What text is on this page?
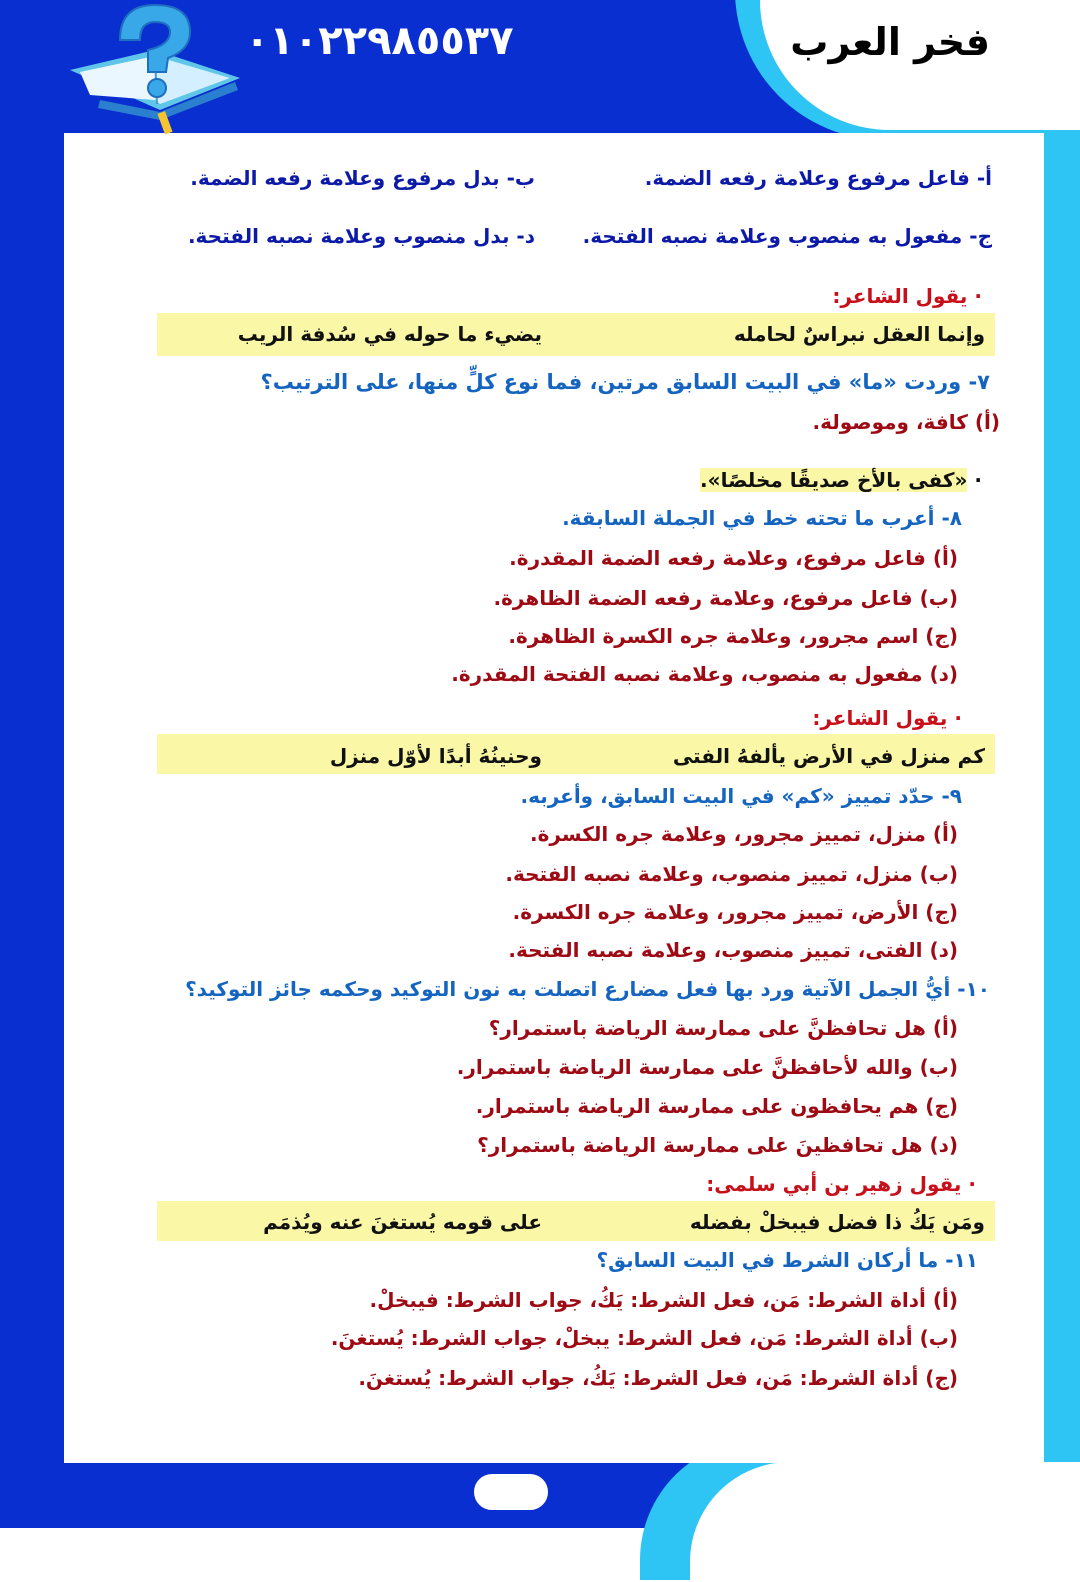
فخر العرب
٠١٠٢٢٩٨٥٥٣٧
أ- فاعل مرفوع وعلامة رفعه الضمة.
ب- بدل مرفوع وعلامة رفعه الضمة.
ج- مفعول به منصوب وعلامة نصبه الفتحة.
د- بدل منصوب وعلامة نصبه الفتحة.
· يقول الشاعر:
وإنما العقل نبراسٌ لحامله
يضيء ما حوله في سُدفة الريب
٧- وردت «ما» في البيت السابق مرتين، فما نوع كلٍّ منها، على الترتيب؟
(أ) كافة، وموصولة.
· «كفى بالأخ صديقًا مخلصًا».
٨- أعرب ما تحته خط في الجملة السابقة.
(أ) فاعل مرفوع، وعلامة رفعه الضمة المقدرة.
(ب) فاعل مرفوع، وعلامة رفعه الضمة الظاهرة.
(ج) اسم مجرور، وعلامة جره الكسرة الظاهرة.
(د) مفعول به منصوب، وعلامة نصبه الفتحة المقدرة.
· يقول الشاعر:
كم منزل في الأرض يألفهُ الفتى
وحنينُهُ أبدًا لأوّل منزل
٩- حدّد تمييز «كم» في البيت السابق، وأعربه.
(أ) منزل، تمييز مجرور، وعلامة جره الكسرة.
(ب) منزل، تمييز منصوب، وعلامة نصبه الفتحة.
(ج) الأرض، تمييز مجرور، وعلامة جره الكسرة.
(د) الفتى، تمييز منصوب، وعلامة نصبه الفتحة.
١٠- أيُّ الجمل الآتية ورد بها فعل مضارع اتصلت به نون التوكيد وحكمه جائز التوكيد؟
(أ) هل تحافظنَّ على ممارسة الرياضة باستمرار؟
(ب) والله لأحافظنَّ على ممارسة الرياضة باستمرار.
(ج) هم يحافظون على ممارسة الرياضة باستمرار.
(د) هل تحافظينَ على ممارسة الرياضة باستمرار؟
· يقول زهير بن أبي سلمى:
ومَن يَكُ ذا فضل فيبخلْ بفضله
على قومه يُستغنَ عنه ويُذمَم
١١- ما أركان الشرط في البيت السابق؟
(أ) أداة الشرط: مَن، فعل الشرط: يَكُ، جواب الشرط: فيبخلْ.
(ب) أداة الشرط: مَن، فعل الشرط: يبخلْ، جواب الشرط: يُستغنَ.
(ج) أداة الشرط: مَن، فعل الشرط: يَكُ، جواب الشرط: يُستغنَ.
